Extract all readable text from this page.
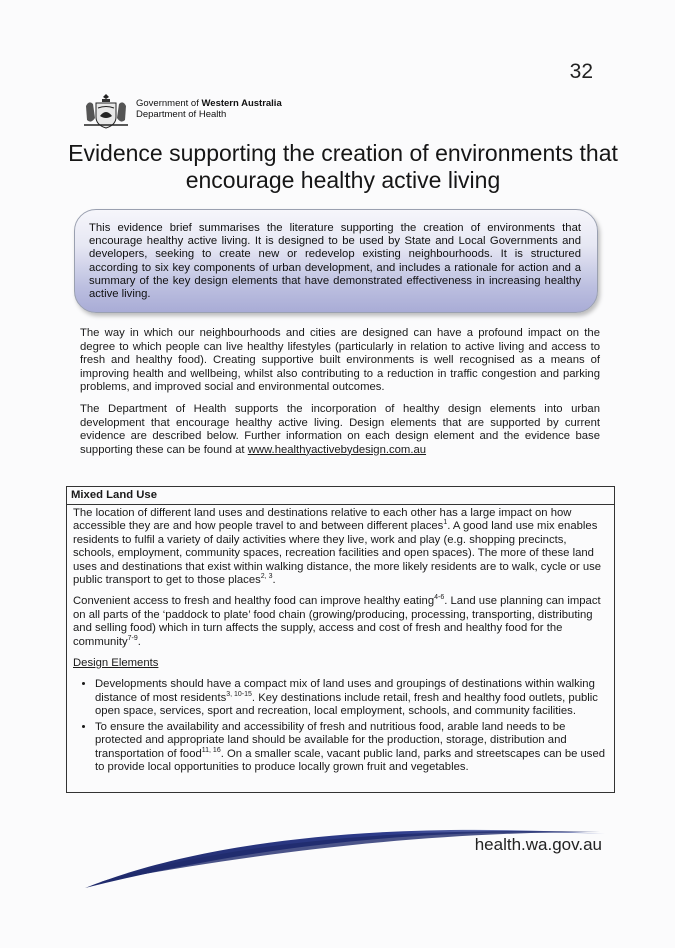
32
Government of Western Australia
Department of Health
Evidence supporting the creation of environments that encourage healthy active living
This evidence brief summarises the literature supporting the creation of environments that encourage healthy active living. It is designed to be used by State and Local Governments and developers, seeking to create new or redevelop existing neighbourhoods. It is structured according to six key components of urban development, and includes a rationale for action and a summary of the key design elements that have demonstrated effectiveness in increasing healthy active living.
The way in which our neighbourhoods and cities are designed can have a profound impact on the degree to which people can live healthy lifestyles (particularly in relation to active living and access to fresh and healthy food). Creating supportive built environments is well recognised as a means of improving health and wellbeing, whilst also contributing to a reduction in traffic congestion and parking problems, and improved social and environmental outcomes.
The Department of Health supports the incorporation of healthy design elements into urban development that encourage healthy active living. Design elements that are supported by current evidence are described below. Further information on each design element and the evidence base supporting these can be found at www.healthyactivebydesign.com.au
Mixed Land Use

The location of different land uses and destinations relative to each other has a large impact on how accessible they are and how people travel to and between different places$^1$. A good land use mix enables residents to fulfil a variety of daily activities where they live, work and play (e.g. shopping precincts, schools, employment, community spaces, recreation facilities and open spaces). The more of these land uses and destinations that exist within walking distance, the more likely residents are to walk, cycle or use public transport to get to those places$^{2, 3}$.

Convenient access to fresh and healthy food can improve healthy eating$^{4-6}$. Land use planning can impact on all parts of the ‘paddock to plate’ food chain (growing/producing, processing, transporting, distributing and selling food) which in turn affects the supply, access and cost of fresh and healthy food for the community$^{7-9}$.

Design Elements
• Developments should have a compact mix of land uses and groupings of destinations within walking distance of most residents$^{3, 10-15}$. Key destinations include retail, fresh and healthy food outlets, public open space, services, sport and recreation, local employment, schools, and community facilities.
• To ensure the availability and accessibility of fresh and nutritious food, arable land needs to be protected and appropriate land should be available for the production, storage, distribution and transportation of food$^{11, 16}$. On a smaller scale, vacant public land, parks and streetscapes can be used to provide local opportunities to produce locally grown fruit and vegetables.
health.wa.gov.au
